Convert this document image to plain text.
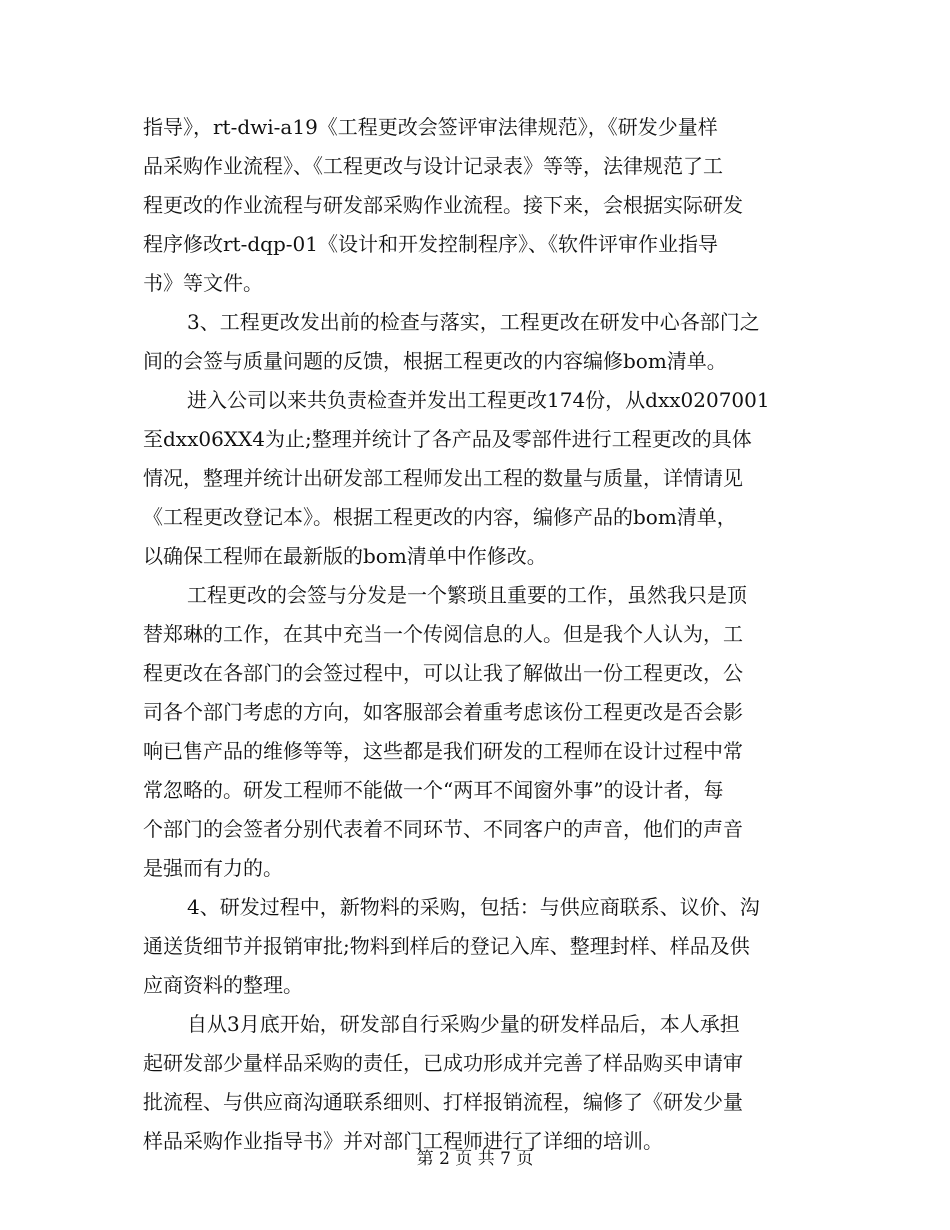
指导》，rt-dwi-a19《工程更改会签评审法律规范》，《研发少量样
品采购作业流程》、《工程更改与设计记录表》等等，法律规范了工
程更改的作业流程与研发部采购作业流程。接下来，会根据实际研发
程序修改rt-dqp-01《设计和开发控制程序》、《软件评审作业指导
书》等文件。
3、工程更改发出前的检查与落实，工程更改在研发中心各部门之
间的会签与质量问题的反馈，根据工程更改的内容编修bom清单。
进入公司以来共负责检查并发出工程更改174份，从dxx0207001
至dxx06XX4为止;整理并统计了各产品及零部件进行工程更改的具体
情况，整理并统计出研发部工程师发出工程的数量与质量，详情请见
《工程更改登记本》。根据工程更改的内容，编修产品的bom清单，
以确保工程师在最新版的bom清单中作修改。
工程更改的会签与分发是一个繁琐且重要的工作，虽然我只是顶
替郑琳的工作，在其中充当一个传阅信息的人。但是我个人认为，工
程更改在各部门的会签过程中，可以让我了解做出一份工程更改，公
司各个部门考虑的方向，如客服部会着重考虑该份工程更改是否会影
响已售产品的维修等等，这些都是我们研发的工程师在设计过程中常
常忽略的。研发工程师不能做一个“两耳不闻窗外事”的设计者，每
个部门的会签者分别代表着不同环节、不同客户的声音，他们的声音
是强而有力的。
4、研发过程中，新物料的采购，包括：与供应商联系、议价、沟
通送货细节并报销审批;物料到样后的登记入库、整理封样、样品及供
应商资料的整理。
自从3月底开始，研发部自行采购少量的研发样品后，本人承担
起研发部少量样品采购的责任，已成功形成并完善了样品购买申请审
批流程、与供应商沟通联系细则、打样报销流程，编修了《研发少量
样品采购作业指导书》并对部门工程师进行了详细的培训。
第 2 页 共 7 页
